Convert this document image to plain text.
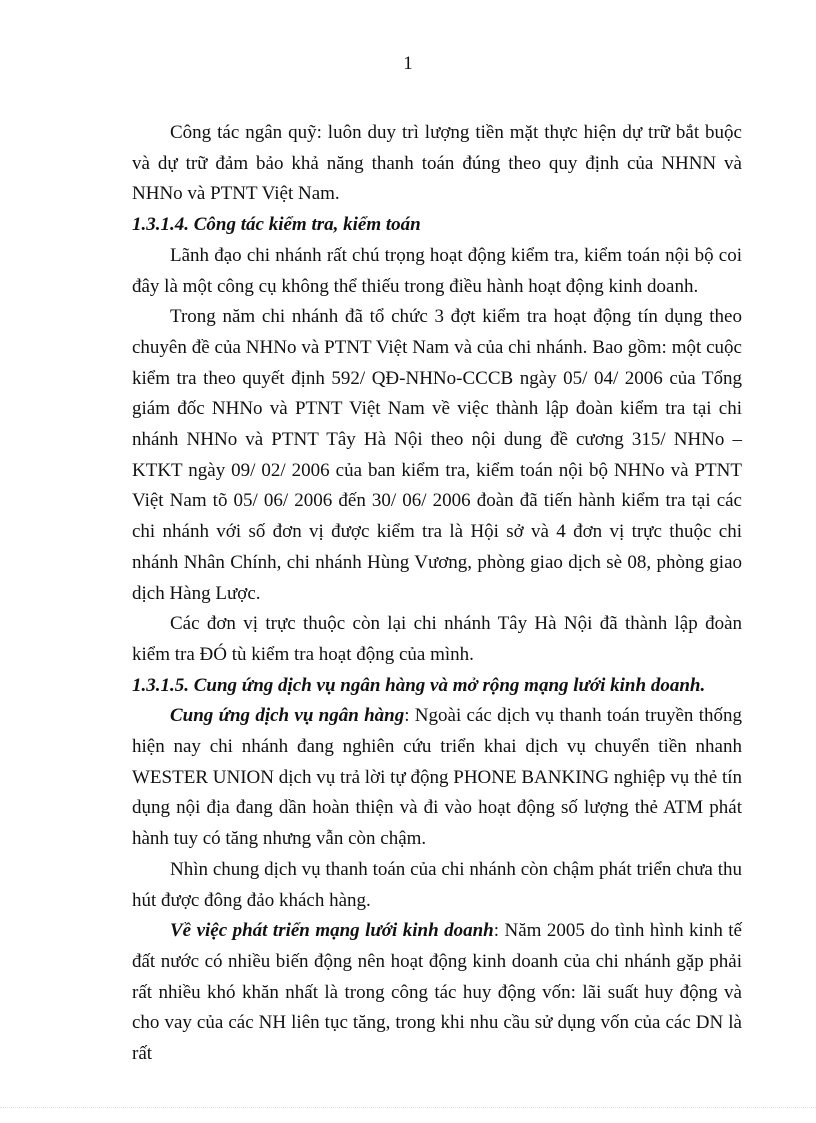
1

Công tác ngân quỹ: luôn duy trì lượng tiền mặt thực hiện dự trữ bắt buộc và dự trữ đảm bảo khả năng thanh toán đúng theo quy định của NHNN và NHNo và PTNT Việt Nam.

1.3.1.4. Công tác kiểm tra, kiểm toán

Lãnh đạo chi nhánh rất chú trọng hoạt động kiểm tra, kiểm toán nội bộ coi đây là một công cụ không thể thiếu trong điều hành hoạt động kinh doanh.

Trong năm chi nhánh đã tổ chức 3 đợt kiểm tra hoạt động tín dụng theo chuyên đề của NHNo và PTNT Việt Nam và của chi nhánh. Bao gồm: một cuộc kiểm tra theo quyết định 592/ QĐ-NHNo-CCCB ngày 05/ 04/ 2006 của Tổng giám đốc NHNo và PTNT Việt Nam về việc thành lập đoàn kiểm tra tại chi nhánh NHNo và PTNT Tây Hà Nội theo nội dung đề cương 315/ NHNo –KTKT ngày 09/ 02/ 2006 của ban kiểm tra, kiểm toán nội bộ NHNo và PTNT Việt Nam tõ 05/ 06/ 2006 đến 30/ 06/ 2006 đoàn đã tiến hành kiểm tra tại các chi nhánh với số đơn vị được kiểm tra là Hội sở và 4 đơn vị trực thuộc chi nhánh Nhân Chính, chi nhánh Hùng Vương, phòng giao dịch sè 08, phòng giao dịch Hàng Lược.

Các đơn vị trực thuộc còn lại chi nhánh Tây Hà Nội đã thành lập đoàn kiểm tra ĐÓ tù kiểm tra hoạt động của mình.

1.3.1.5. Cung ứng dịch vụ ngân hàng và mở rộng mạng lưới kinh doanh.

Cung ứng dịch vụ ngân hàng: Ngoài các dịch vụ thanh toán truyền thống hiện nay chi nhánh đang nghiên cứu triển khai dịch vụ chuyển tiền nhanh WESTER UNION dịch vụ trả lời tự động PHONE BANKING nghiệp vụ thẻ tín dụng nội địa đang dần hoàn thiện và đi vào hoạt động số lượng thẻ ATM phát hành tuy có tăng nhưng vẫn còn chậm.

Nhìn chung dịch vụ thanh toán của chi nhánh còn chậm phát triển chưa thu hút được đông đảo khách hàng.

Về việc phát triển mạng lưới kinh doanh: Năm 2005 do tình hình kinh tế đất nước có nhiều biến động nên hoạt động kinh doanh của chi nhánh gặp phải rất nhiều khó khăn nhất là trong công tác huy động vốn: lãi suất huy động và cho vay của các NH liên tục tăng, trong khi nhu cầu sử dụng vốn của các DN là rất
